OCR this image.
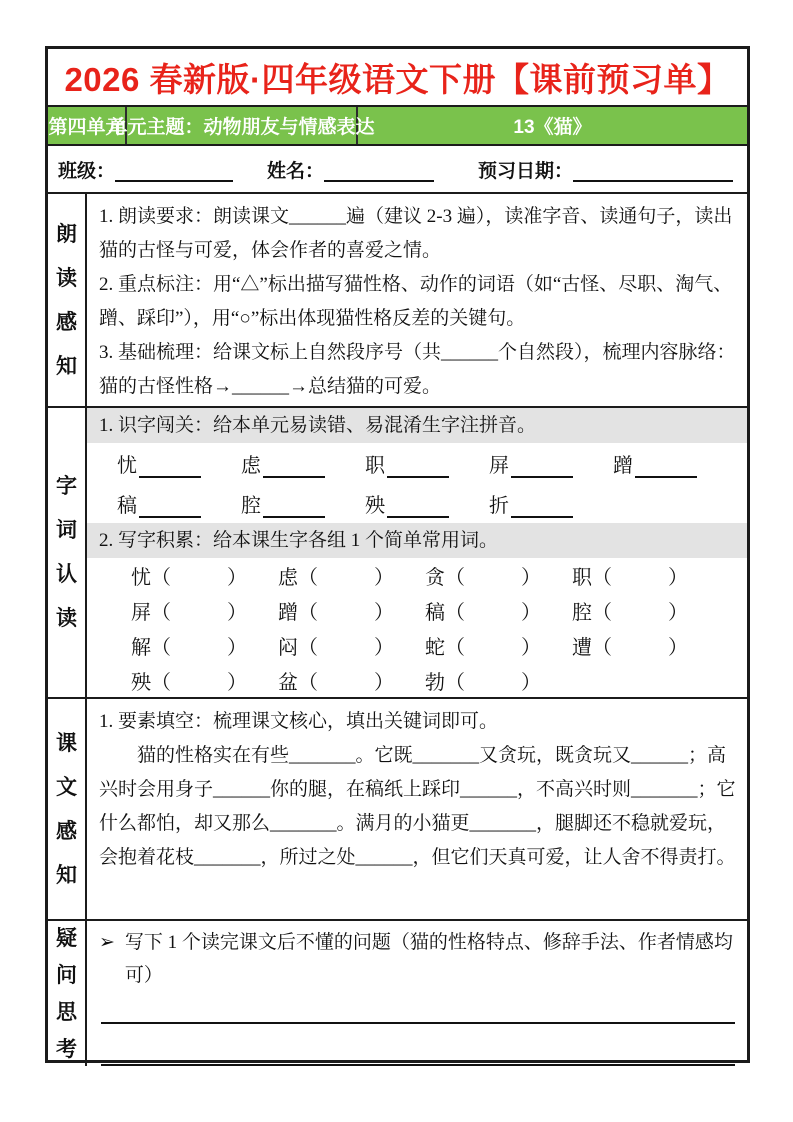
2026 春新版·四年级语文下册【课前预习单】
第四单元
单元主题：动物朋友与情感表达	13《猫》
班级：	姓名：	预习日期：
朗
读
感
知

1. 朗读要求：朗读课文______遍（建议 2-3 遍），读准字音、读通句子，读出猫的古怪与可爱，体会作者的喜爱之情。

2. 重点标注：用“△”标出描写猫性格、动作的词语（如“古怪、尽职、淘气、蹭、踩印”），用“○”标出体现猫性格反差的关键句。

3. 基础梳理：给课文标上自然段序号（共______个自然段），梳理内容脉络：猫的古怪性格→______→总结猫的可爱。

字
词
认
读
1. 识字闯关：给本单元易读错、易混淆生字注拼音。
忧	虑	职	屏	蹭
稿	腔	殃	折
2. 写字积累：给本课生字各组 1 个简单常用词。
忧 （	） 虑 （	） 贪 （	） 职 （	）
屏 （	） 蹭 （	） 稿 （	） 腔 （	）
解 （	） 闷 （	） 蛇 （	） 遭 （	）
殃 （	） 盆 （	） 勃 （	）
课
文
感
知

1. 要素填空：梳理课文核心，填出关键词即可。

猫的性格实在有些_______。它既_______又贪玩，既贪玩又______；高兴时会用身子______你的腿，在稿纸上踩印______，不高兴时则_______；它什么都怕，却又那么_______。满月的小猫更_______，腿脚还不稳就爱玩，会抱着花枝_______，所过之处______，但它们天真可爱，让人舍不得责打。

疑
问
思
考
➢ 写下 1 个读完课文后不懂的问题（猫的性格特点、修辞手法、作者情感均可）
